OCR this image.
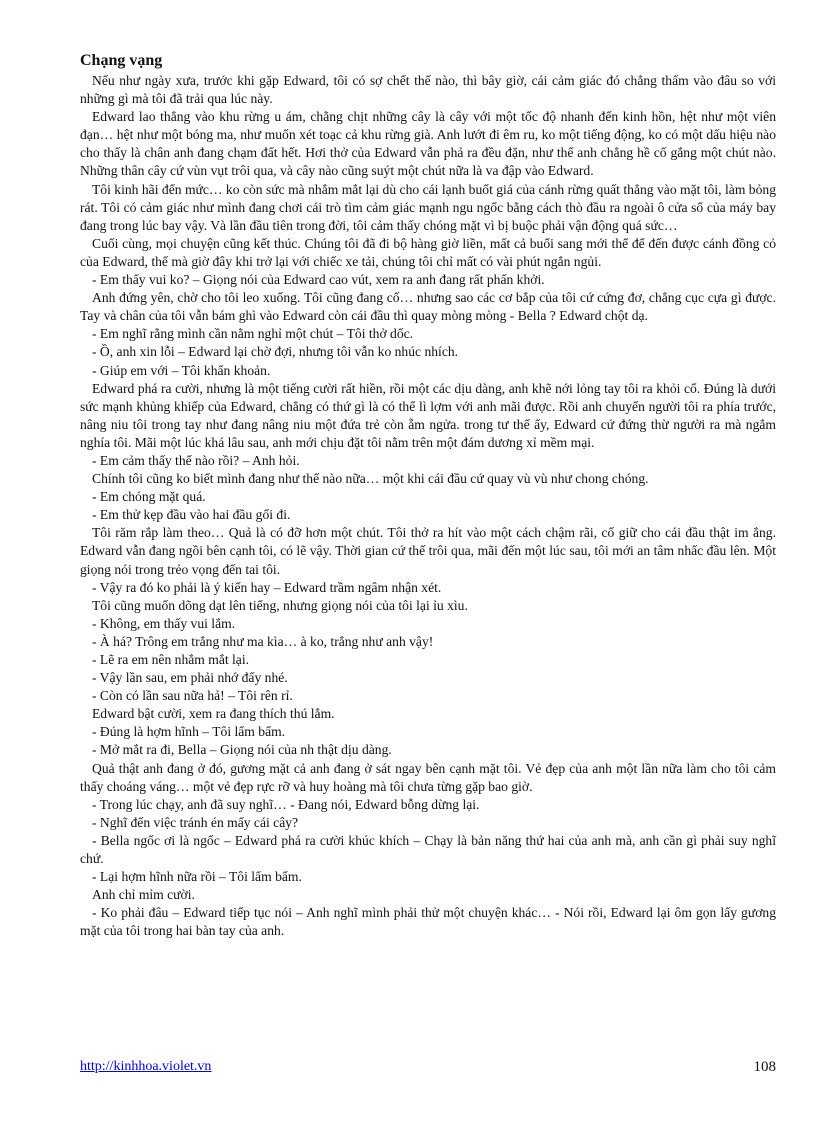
Chạng vạng

Nếu như ngày xưa, trước khi gặp Edward, tôi có sợ chết thế nào, thì bây giờ, cái cảm giác đó chẳng thấm vào đâu so với những gì mà tôi đã trải qua lúc này.

Edward lao thẳng vào khu rừng u ám, chằng chịt những cây là cây với một tốc độ nhanh đến kinh hồn, hệt như một viên đạn… hệt như một bóng ma, như muốn xét toạc cả khu rừng già. Anh lướt đi êm ru, ko một tiếng động, ko có một dấu hiệu nào cho thấy là chân anh đang chạm đất hết. Hơi thở của Edward vẫn phả ra đều đặn, như thể anh chẳng hề cố gắng một chút nào. Những thân cây cứ vùn vụt trôi qua, và cây nào cũng suýt một chút nữa là va đập vào Edward.

Tôi kinh hãi đến mức… ko còn sức mà nhắm mắt lại dù cho cái lạnh buốt giá của cánh rừng quất thẳng vào mặt tôi, làm bỏng rát. Tôi có cảm giác như mình đang chơi cái trò tìm cảm giác mạnh ngu ngốc bằng cách thò đầu ra ngoài ô cửa sổ của máy bay đang trong lúc bay vậy. Và lần đầu tiên trong đời, tôi cảm thấy chóng mặt vì bị buộc phải vận động quá sức…

Cuối cùng, mọi chuyện cũng kết thúc. Chúng tôi đã đi bộ hàng giờ liền, mất cả buổi sang mới thể để đến được cánh đồng cỏ của Edward, thế mà giờ đây khi trở lại với chiếc xe tải, chúng tôi chỉ mất có vài phút ngắn ngủi.

- Em thấy vui ko? – Giọng nói của Edward cao vút, xem ra anh đang rất phấn khởi.

Anh đứng yên, chờ cho tôi leo xuống. Tôi cũng đang cố… nhưng sao các cơ bắp của tôi cứ cứng đơ, chẳng cục cựa gì được. Tay và chân của tôi vẫn bám ghì vào Edward còn cái đầu thì quay mòng mòng - Bella ? Edward chột dạ.

- Em nghĩ rằng mình cần nằm nghỉ một chút – Tôi thở dốc.

- Ồ, anh xin lỗi – Edward lại chờ đợi, nhưng tôi vẫn ko nhúc nhích.

- Giúp em với – Tôi khẩn khoản.

Edward phá ra cười, nhưng là một tiếng cười rất hiền, rồi một các dịu dàng, anh khẽ nới lỏng tay tôi ra khỏi cổ. Đúng là dưới sức mạnh khủng khiếp của Edward, chẳng có thứ gì là có thể lì lợm với anh mãi được. Rồi anh chuyển người tôi ra phía trước, nâng niu tôi trong tay như đang nâng niu một đứa trẻ còn ẵm ngửa. trong tư thế ấy, Edward cứ đứng thừ người ra mà ngắm nghía tôi. Mãi một lúc khá lâu sau, anh mới chịu đặt tôi nằm trên một đám dương xỉ mềm mại.

- Em cảm thấy thế nào rồi? – Anh hỏi.

Chính tôi cũng ko biết mình đang như thế nào nữa… một khi cái đầu cứ quay vù vù như chong chóng.

- Em chóng mặt quá.

- Em thử kẹp đầu vào hai đầu gối đi.

Tôi răm rắp làm theo… Quả là có đỡ hơn một chút. Tôi thở ra hít vào một cách chậm rãi, cố giữ cho cái đầu thật im ắng. Edward vẫn đang ngồi bên cạnh tôi, có lẽ vậy. Thời gian cứ thế trôi qua, mãi đến một lúc sau, tôi mới an tâm nhấc đầu lên. Một giọng nói trong trẻo vọng đến tai tôi.

- Vậy ra đó ko phải là ý kiến hay – Edward trầm ngâm nhận xét.

Tôi cũng muốn dõng dạt lên tiếng, nhưng giọng nói của tôi lại ỉu xìu.

- Không, em thấy vui lắm.

- À há? Trông em trắng như ma kìa… à ko, trắng như anh vậy!

- Lẽ ra em nên nhắm mắt lại.

- Vậy lần sau, em phải nhớ đấy nhé.

- Còn có lần sau nữa hả! – Tôi rên rỉ.

Edward bật cười, xem ra đang thích thú lắm.

- Đúng là hợm hĩnh – Tôi lẩm bẩm.

- Mở mắt ra đi, Bella – Giọng nói của nh thật dịu dàng.

Quả thật anh đang ở đó, gương mặt cả anh đang ở sát ngay bên cạnh mặt tôi. Vẻ đẹp của anh một lần nữa làm cho tôi cảm thấy choáng váng… một vẻ đẹp rực rỡ và huy hoàng mà tôi chưa từng gặp bao giờ.

- Trong lúc chạy, anh đã suy nghĩ… - Đang nói, Edward bỗng dừng lại.

- Nghĩ đến việc tránh én mấy cái cây?

- Bella ngốc ơi là ngốc – Edward phá ra cười khúc khích – Chạy là bản năng thứ hai của anh mà, anh cần gì phải suy nghĩ chứ.

- Lại hợm hĩnh nữa rồi – Tôi lẩm bẩm.

Anh chỉ mỉm cười.

- Ko phải đâu – Edward tiếp tục nói – Anh nghĩ mình phải thử một chuyện khác… - Nói rồi, Edward lại ôm gọn lấy gương mặt của tôi trong hai bàn tay của anh.

http://kinhhoa.violet.vn	108
